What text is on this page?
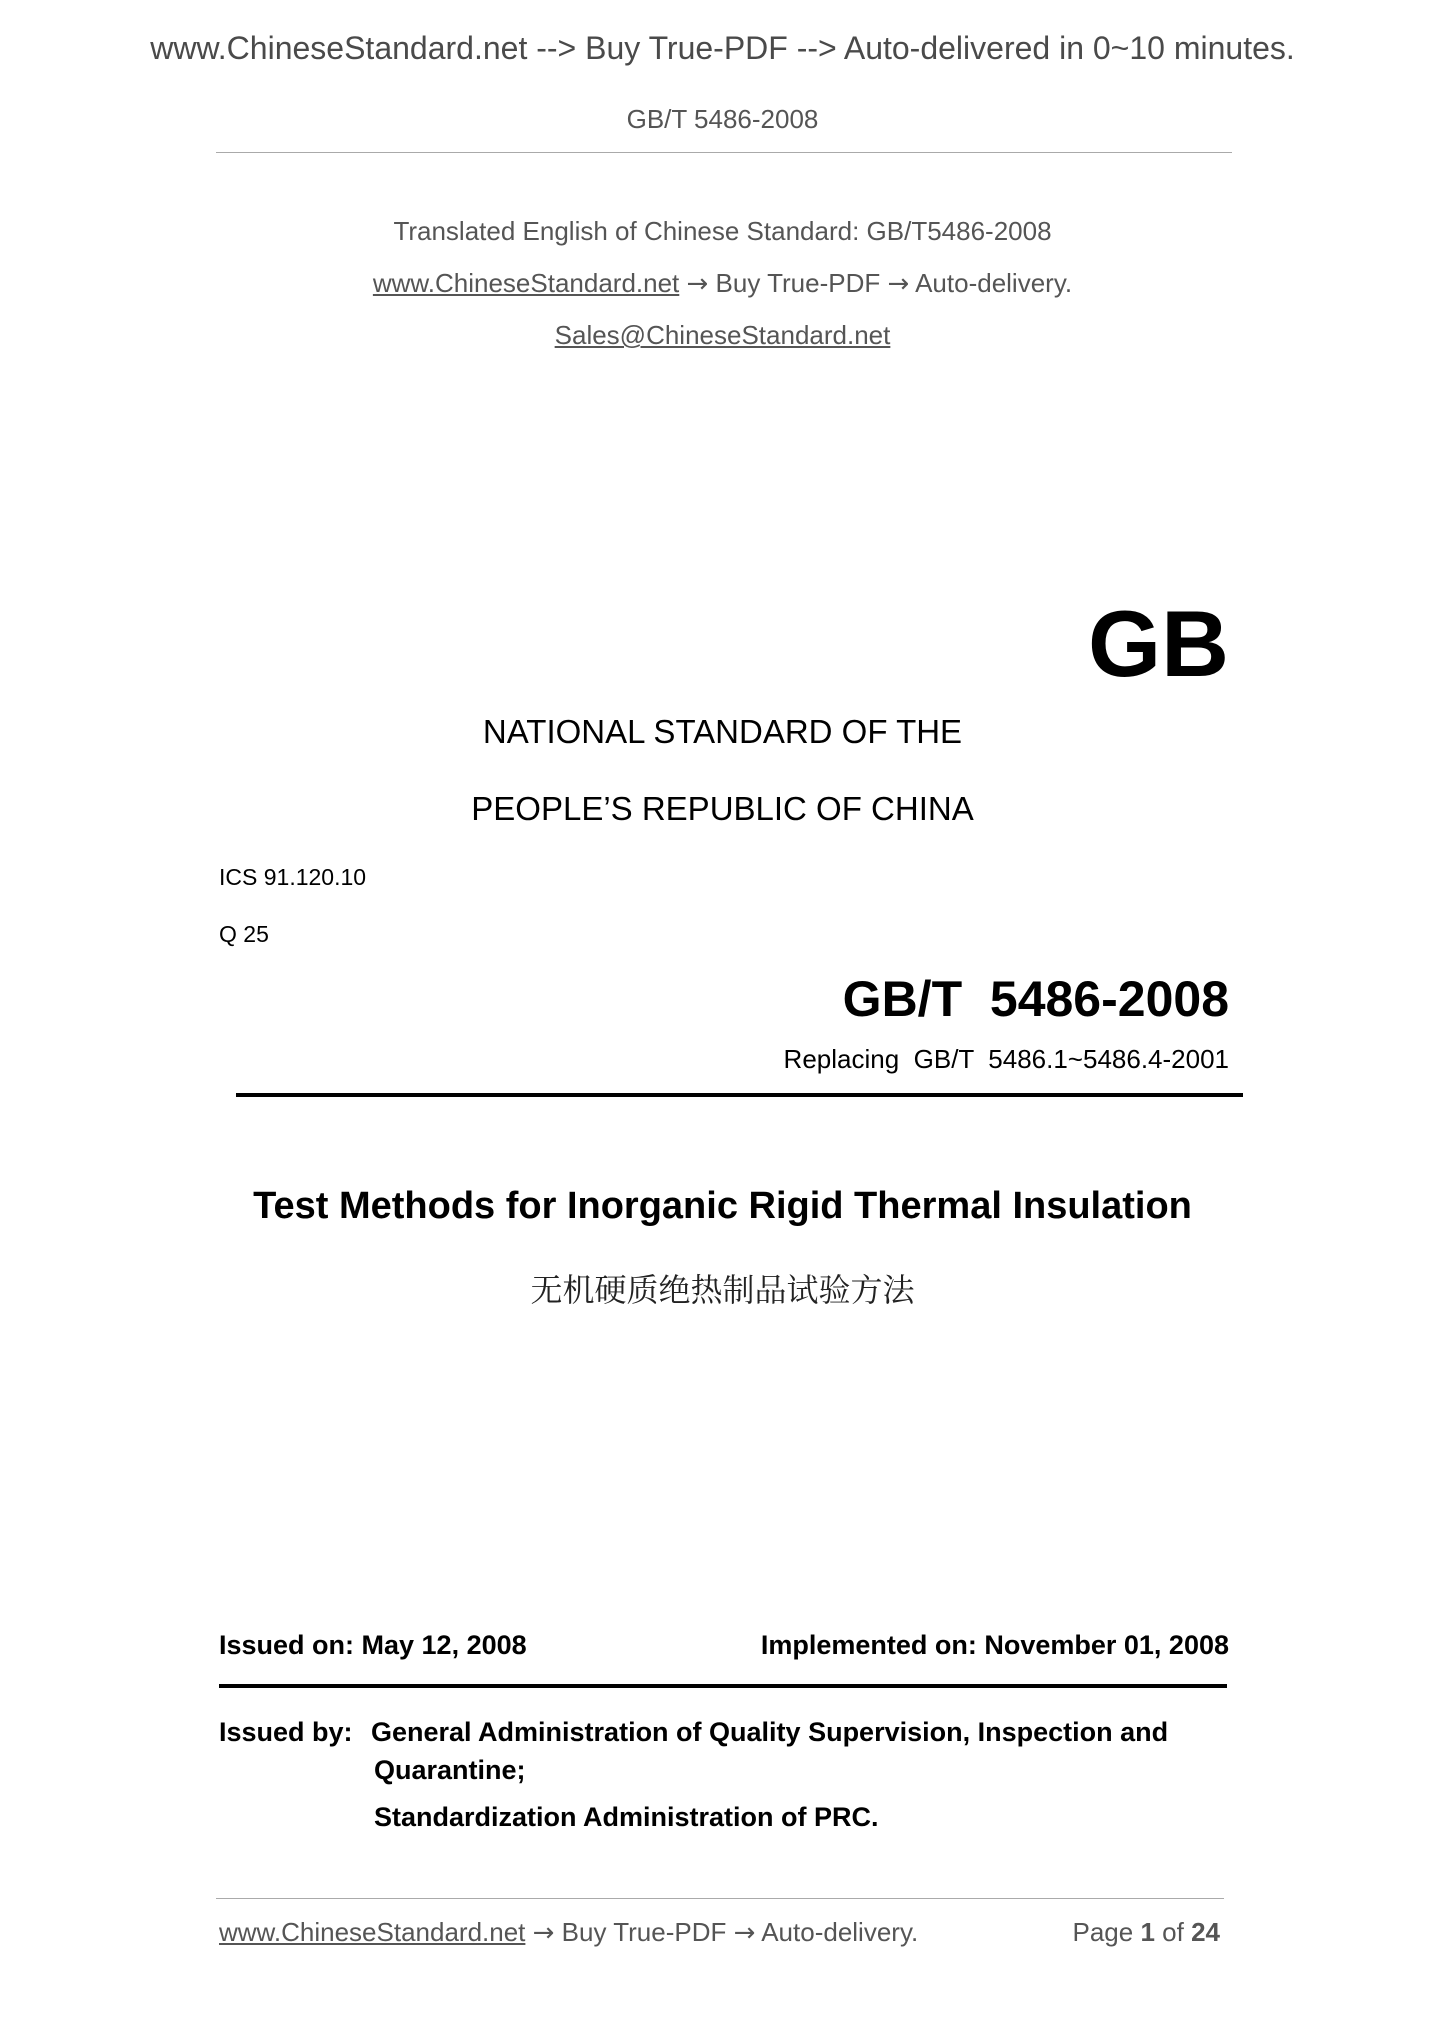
www.ChineseStandard.net --> Buy True-PDF --> Auto-delivered in 0~10 minutes.
GB/T 5486-2008
Translated English of Chinese Standard: GB/T5486-2008
www.ChineseStandard.net → Buy True-PDF → Auto-delivery.
Sales@ChineseStandard.net
GB
NATIONAL STANDARD OF THE
PEOPLE’S REPUBLIC OF CHINA
ICS 91.120.10
Q 25
GB/T  5486-2008
Replacing  GB/T  5486.1~5486.4-2001
Test Methods for Inorganic Rigid Thermal Insulation
无机硬质绝热制品试验方法
Issued on: May 12, 2008	Implemented on: November 01, 2008
Issued by: General Administration of Quality Supervision, Inspection and
Quarantine;
Standardization Administration of PRC.
www.ChineseStandard.net → Buy True-PDF → Auto-delivery.	Page 1 of 24
